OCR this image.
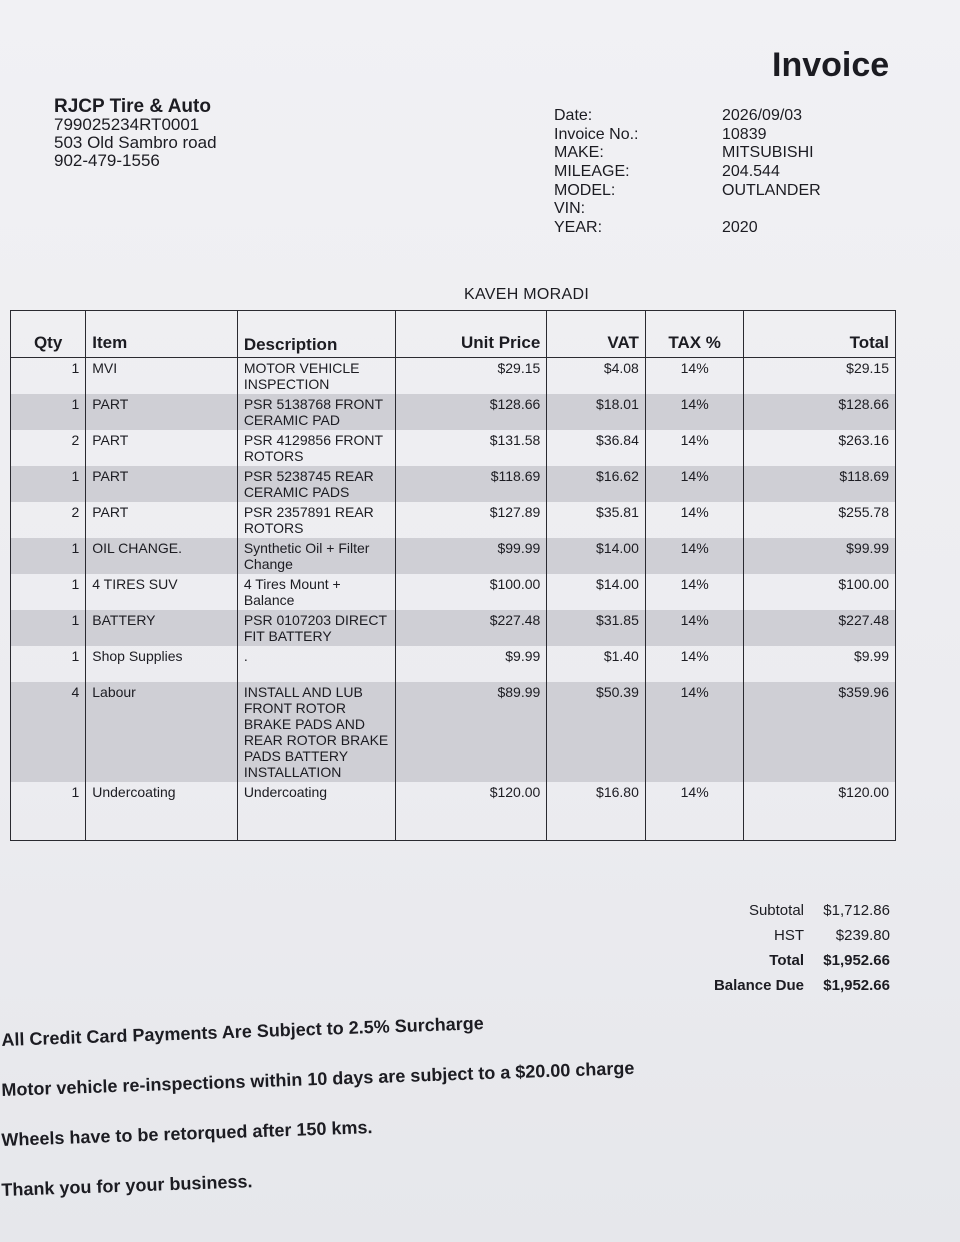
Invoice
RJCP Tire & Auto
799025234RT0001
503 Old Sambro road
902-479-1556
Date:	2026/09/03
Invoice No.:	10839
MAKE:	MITSUBISHI
MILEAGE:	204.544
MODEL:	OUTLANDER
VIN:
YEAR:	2020
KAVEH MORADI
Qty	Item	Description	Unit Price	VAT	TAX %	Total
1	MVI	MOTOR VEHICLE INSPECTION	$29.15	$4.08	14%	$29.15
1	PART	PSR 5138768 FRONT CERAMIC PAD	$128.66	$18.01	14%	$128.66
2	PART	PSR 4129856 FRONT ROTORS	$131.58	$36.84	14%	$263.16
1	PART	PSR 5238745 REAR CERAMIC PADS	$118.69	$16.62	14%	$118.69
2	PART	PSR 2357891 REAR ROTORS	$127.89	$35.81	14%	$255.78
1	OIL CHANGE.	Synthetic Oil + Filter Change	$99.99	$14.00	14%	$99.99
1	4 TIRES SUV	4 Tires Mount + Balance	$100.00	$14.00	14%	$100.00
1	BATTERY	PSR 0107203 DIRECT FIT BATTERY	$227.48	$31.85	14%	$227.48
1	Shop Supplies	.	$9.99	$1.40	14%	$9.99
4	Labour	INSTALL AND LUB FRONT ROTOR BRAKE PADS AND REAR ROTOR BRAKE PADS BATTERY INSTALLATION	$89.99	$50.39	14%	$359.96
1	Undercoating	Undercoating	$120.00	$16.80	14%	$120.00
Subtotal	$1,712.86
HST	$239.80
Total	$1,952.66
Balance Due	$1,952.66
All Credit Card Payments Are Subject to 2.5% Surcharge
Motor vehicle re-inspections within 10 days are subject to a $20.00 charge
Wheels have to be retorqued after 150 kms.
Thank you for your business.
